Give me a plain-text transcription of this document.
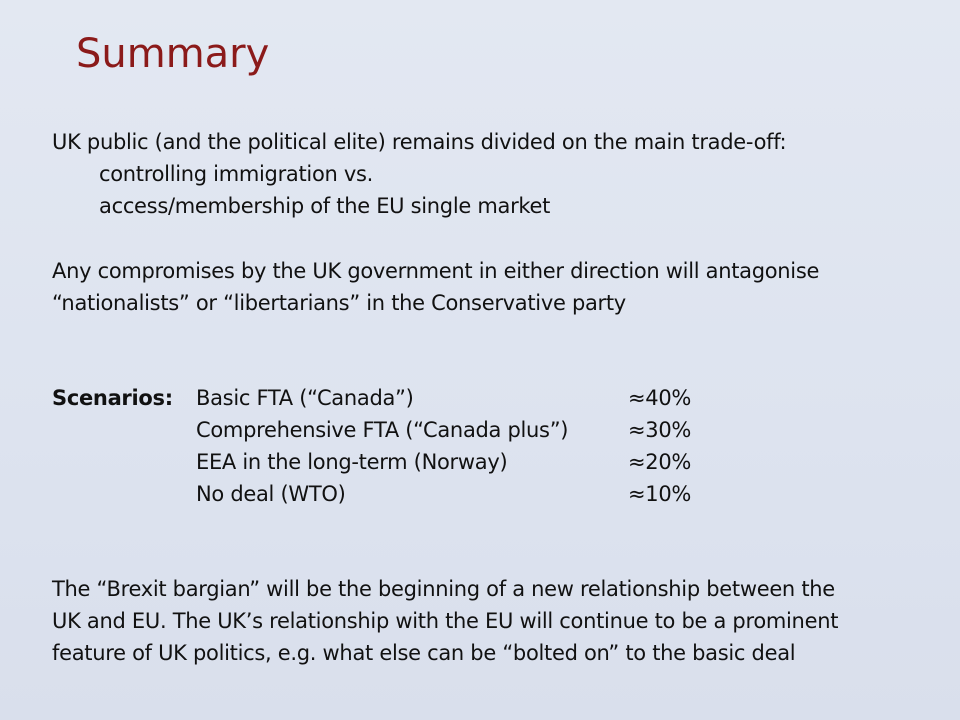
Summary
UK public (and the political elite) remains divided on the main trade-off:
controlling immigration vs.
access/membership of the EU single market
Any compromises by the UK government in either direction will antagonise
“nationalists” or “libertarians” in the Conservative party
Scenarios: Basic FTA (“Canada”)	≈40%
Comprehensive FTA (“Canada plus”)	≈30%
EEA in the long-term (Norway)	≈20%
No deal (WTO)	≈10%
The “Brexit bargian” will be the beginning of a new relationship between the
UK and EU. The UK’s relationship with the EU will continue to be a prominent
feature of UK politics, e.g. what else can be “bolted on” to the basic deal
